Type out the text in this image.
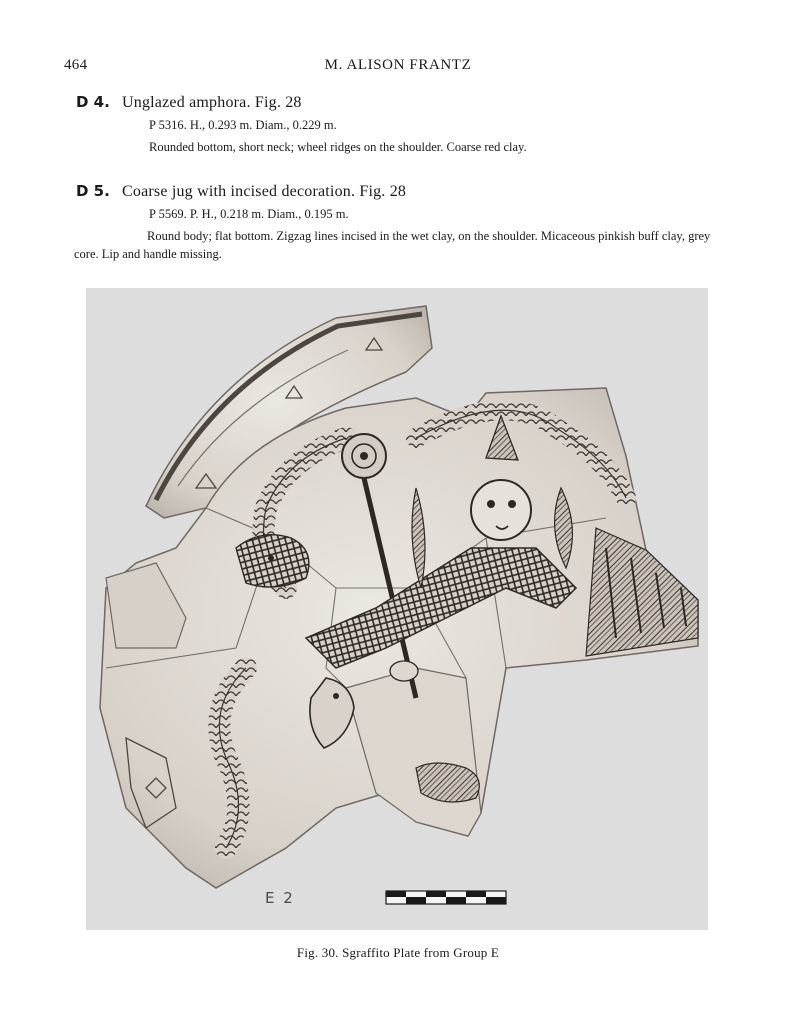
464	M. ALISON FRANTZ
D 4. Unglazed amphora. Fig. 28
P 5316. H., 0.293 m. Diam., 0.229 m.
Rounded bottom, short neck; wheel ridges on the shoulder. Coarse red clay.
D 5. Coarse jug with incised decoration. Fig. 28
P 5569. P. H., 0.218 m. Diam., 0.195 m.
Round body; flat bottom. Zigzag lines incised in the wet clay, on the shoulder. Micaceous pinkish buff clay, grey core. Lip and handle missing.
E 2
Fig. 30. Sgraffito Plate from Group E
